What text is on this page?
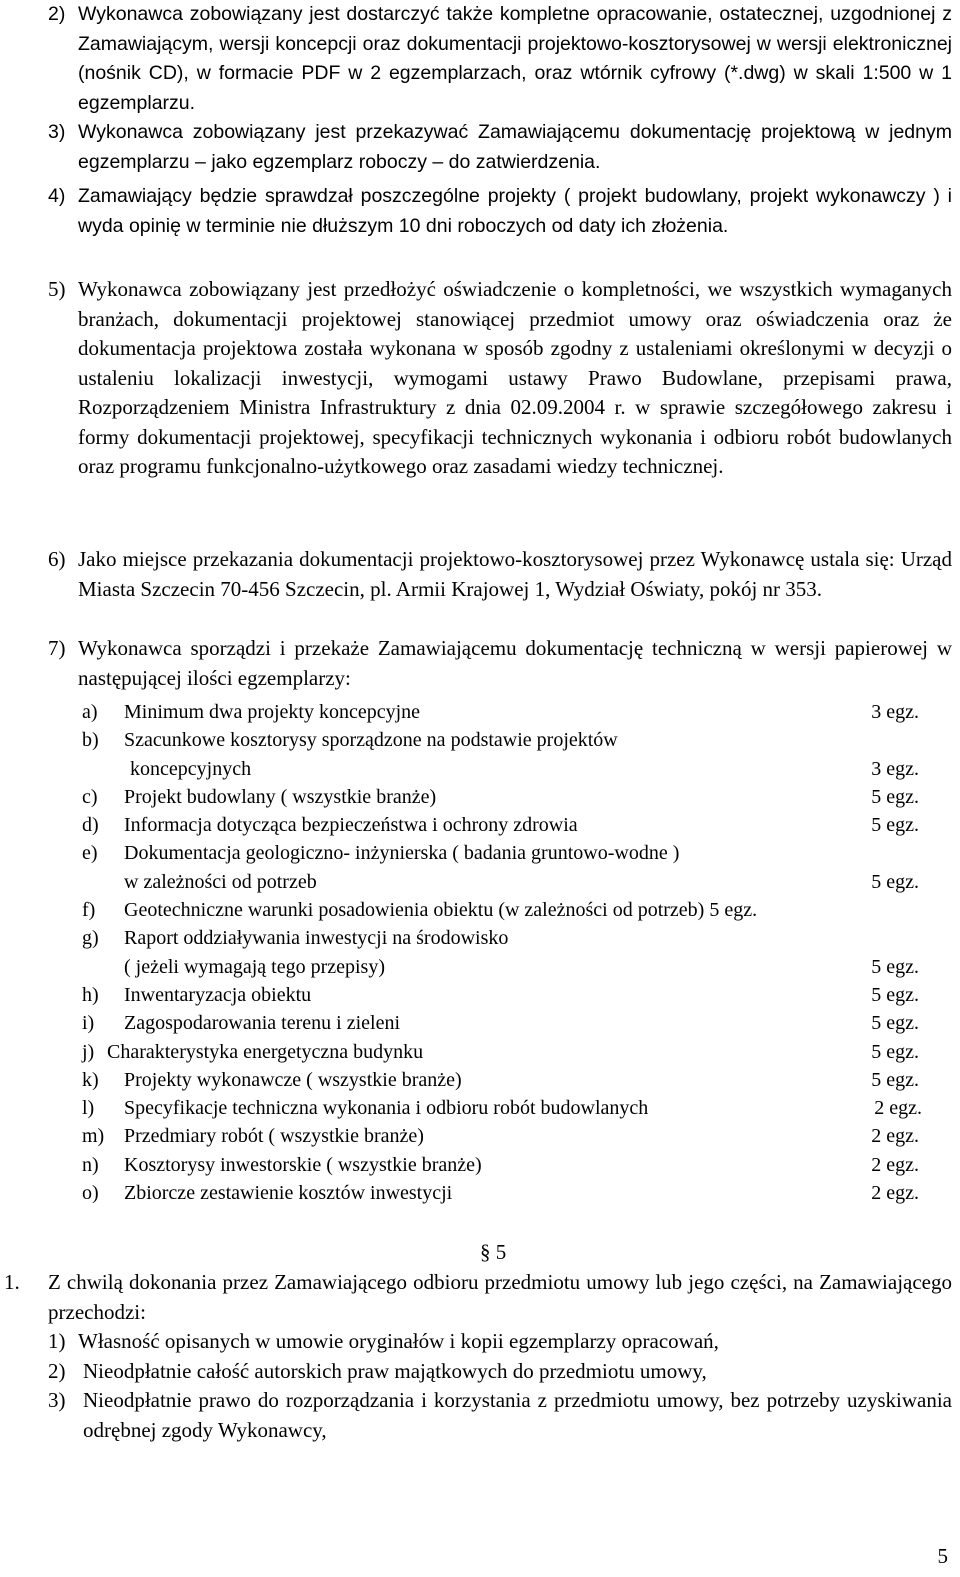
2) Wykonawca zobowiązany jest dostarczyć także kompletne opracowanie, ostatecznej, uzgodnionej z Zamawiającym, wersji koncepcji oraz dokumentacji projektowo-kosztorysowej w wersji elektronicznej (nośnik CD), w formacie PDF w 2 egzemplarzach, oraz wtórnik cyfrowy (*.dwg) w skali 1:500 w 1 egzemplarzu.
3) Wykonawca zobowiązany jest przekazywać Zamawiającemu dokumentację projektową w jednym egzemplarzu – jako egzemplarz roboczy – do zatwierdzenia.
4) Zamawiający będzie sprawdzał poszczególne projekty ( projekt budowlany, projekt wykonawczy ) i wyda opinię w terminie nie dłuższym 10 dni roboczych od daty ich złożenia.
5) Wykonawca zobowiązany jest przedłożyć oświadczenie o kompletności, we wszystkich wymaganych branżach, dokumentacji projektowej stanowiącej przedmiot umowy oraz oświadczenia oraz że dokumentacja projektowa została wykonana w sposób zgodny z ustaleniami określonymi w decyzji o ustaleniu lokalizacji inwestycji, wymogami ustawy Prawo Budowlane, przepisami prawa, Rozporządzeniem Ministra Infrastruktury z dnia 02.09.2004 r. w sprawie szczegółowego zakresu i formy dokumentacji projektowej, specyfikacji technicznych wykonania i odbioru robót budowlanych oraz programu funkcjonalno-użytkowego oraz zasadami wiedzy technicznej.
6) Jako miejsce przekazania dokumentacji projektowo-kosztorysowej przez Wykonawcę ustala się: Urząd Miasta Szczecin 70-456 Szczecin, pl. Armii Krajowej 1, Wydział Oświaty, pokój nr 353.
7) Wykonawca sporządzi i przekaże Zamawiającemu dokumentację techniczną w wersji papierowej w następującej ilości egzemplarzy:
a) Minimum dwa projekty koncepcyjne	3 egz.
b) Szacunkowe kosztorysy sporządzone na podstawie projektów
koncepcyjnych	3 egz.
c) Projekt budowlany ( wszystkie branże)	5 egz.
d) Informacja dotycząca bezpieczeństwa i ochrony zdrowia	5 egz.
e) Dokumentacja geologiczno- inżynierska ( badania gruntowo-wodne )
w zależności od potrzeb	5 egz.
f) Geotechniczne warunki posadowienia obiektu (w zależności od potrzeb) 5 egz.
g) Raport oddziaływania inwestycji na środowisko
( jeżeli wymagają tego przepisy)	5 egz.
h) Inwentaryzacja obiektu	5 egz.
i) Zagospodarowania terenu i zieleni	5 egz.
j) Charakterystyka energetyczna budynku	5 egz.
k) Projekty wykonawcze ( wszystkie branże)	5 egz.
l) Specyfikacje techniczna wykonania i odbioru robót budowlanych	2 egz.
m) Przedmiary robót ( wszystkie branże)	2 egz.
n) Kosztorysy inwestorskie ( wszystkie branże)	2 egz.
o) Zbiorcze zestawienie kosztów inwestycji	2 egz.
§ 5
1. Z chwilą dokonania przez Zamawiającego odbioru przedmiotu umowy lub jego części, na Zamawiającego przechodzi:
1) Własność opisanych w umowie oryginałów i kopii egzemplarzy opracowań,
2) Nieodpłatnie całość autorskich praw majątkowych do przedmiotu umowy,
3) Nieodpłatnie prawo do rozporządzania i korzystania z przedmiotu umowy, bez potrzeby uzyskiwania odrębnej zgody Wykonawcy,
5
